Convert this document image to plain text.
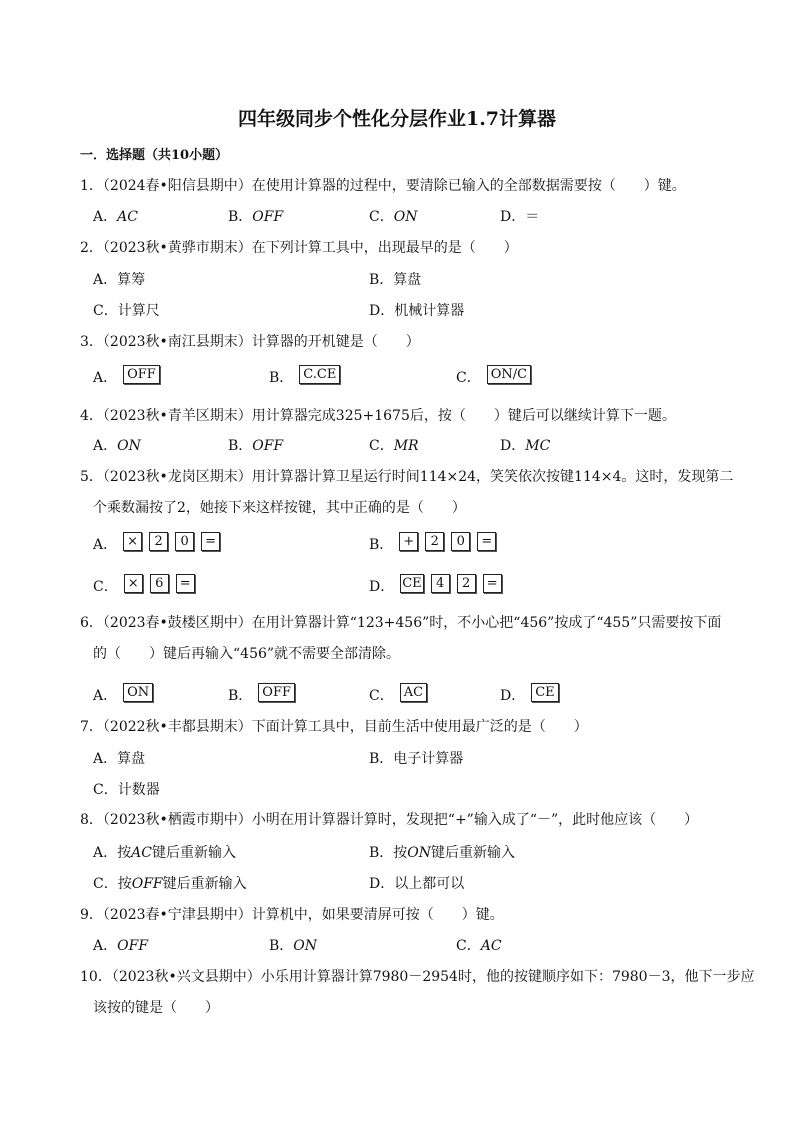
四年级同步个性化分层作业1.7计算器
一．选择题（共10小题）
1．（2024春•阳信县期中）在使用计算器的过程中，要清除已输入的全部数据需要按（　　）键。
A．AC	B．OFF	C．ON	D．＝
2．（2023秋•黄骅市期末）在下列计算工具中，出现最早的是（　　）
A．算筹	B．算盘
C．计算尺	D．机械计算器
3．（2023秋•南江县期末）计算器的开机键是（　　）
A． OFF	B． C.CE	C． ON/C
4．（2023秋•青羊区期末）用计算器完成325+1675后，按（　　）键后可以继续计算下一题。
A．ON	B．OFF	C．MR	D．MC
5．（2023秋•龙岗区期末）用计算器计算卫星运行时间114×24，笑笑依次按键114×4。这时，发现第二
个乘数漏按了2，她接下来这样按键，其中正确的是（　　）
A． ×	2	0	=	B． +	2	0	=
C． ×	6	=	D． CE	4	2	=
6．（2023春•鼓楼区期中）在用计算器计算“123+456”时，不小心把“456”按成了“455”只需要按下面
的（　　）键后再输入“456”就不需要全部清除。
A． ON	B． OFF	C． AC	D． CE
7．（2022秋•丰都县期末）下面计算工具中，目前生活中使用最广泛的是（　　）
A．算盘	B．电子计算器
C．计数器
8．（2023秋•栖霞市期中）小明在用计算器计算时，发现把“+”输入成了“－”，此时他应该（　　）
A．按AC键后重新输入	B．按ON键后重新输入
C．按OFF键后重新输入	D．以上都可以
9．（2023春•宁津县期中）计算机中，如果要清屏可按（　　）键。
A．OFF	B．ON	C．AC
10．（2023秋•兴文县期中）小乐用计算器计算7980－2954时，他的按键顺序如下：7980－3，他下一步应
该按的键是（　　）
